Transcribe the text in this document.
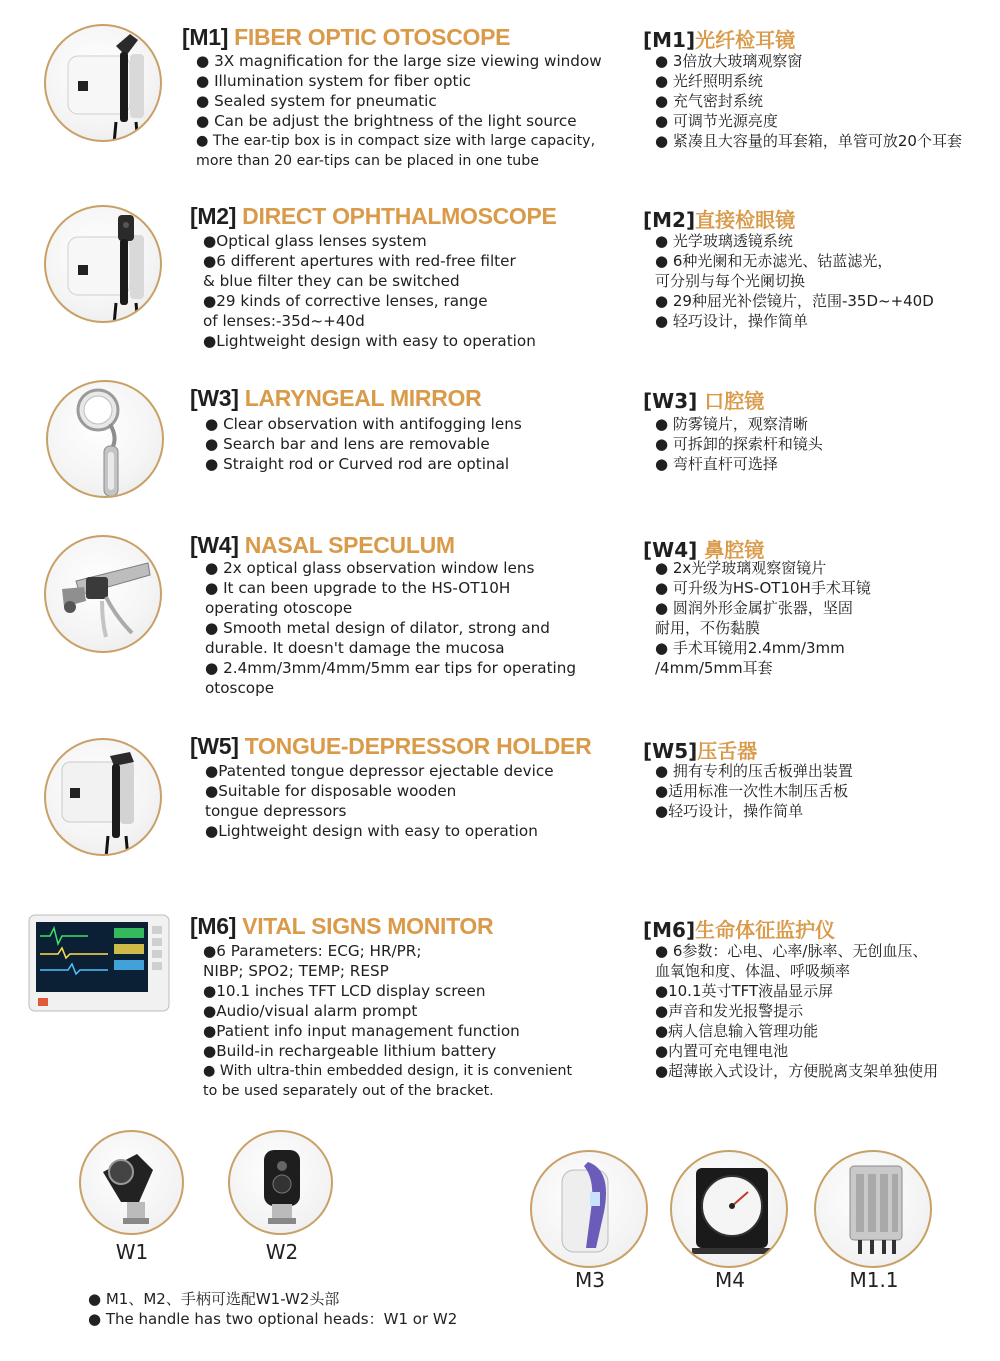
[M1] FIBER OPTIC OTOSCOPE
● 3X magnification for the large size viewing window
● Illumination system for fiber optic
● Sealed system for pneumatic
● Can be adjust the brightness of the light source
● The ear-tip box is in compact size with large capacity,
more than 20 ear-tips can be placed in one tube
[M1]光纤检耳镜
● 3倍放大玻璃观察窗
● 光纤照明系统
● 充气密封系统
● 可调节光源亮度
● 紧凑且大容量的耳套箱，单管可放20个耳套
[M2] DIRECT OPHTHALMOSCOPE
●Optical glass lenses system
●6 different apertures with red-free filter
& blue filter they can be switched
●29 kinds of corrective lenses, range
of lenses:-35d~+40d
●Lightweight design with easy to operation
[M2]直接检眼镜
● 光学玻璃透镜系统
● 6种光阑和无赤滤光、钴蓝滤光，
可分别与每个光阑切换
● 29种屈光补偿镜片，范围-35D~+40D
● 轻巧设计，操作简单
[W3] LARYNGEAL MIRROR
● Clear observation with antifogging lens
● Search bar and lens are removable
● Straight rod or Curved rod are optinal
[W3] 口腔镜
● 防雾镜片，观察清晰
● 可拆卸的探索杆和镜头
● 弯杆直杆可选择
[W4] NASAL SPECULUM
● 2x optical glass observation window lens
● It can been upgrade to the HS-OT10H
operating otoscope
● Smooth metal design of dilator, strong and
durable. It doesn't damage the mucosa
● 2.4mm/3mm/4mm/5mm ear tips for operating
otoscope
[W4] 鼻腔镜
● 2x光学玻璃观察窗镜片
● 可升级为HS-OT10H手术耳镜
● 圆润外形金属扩张器，坚固
耐用，不伤黏膜
● 手术耳镜用2.4mm/3mm
/4mm/5mm耳套
[W5] TONGUE-DEPRESSOR HOLDER
●Patented tongue depressor ejectable device
●Suitable for disposable wooden
tongue depressors
●Lightweight design with easy to operation
[W5]压舌器
● 拥有专利的压舌板弹出装置
●适用标准一次性木制压舌板
●轻巧设计，操作简单
[M6] VITAL SIGNS MONITOR
●6 Parameters: ECG; HR/PR;
NIBP; SPO2; TEMP; RESP
●10.1 inches TFT LCD display screen
●Audio/visual alarm prompt
●Patient info input management function
●Build-in rechargeable lithium battery
● With ultra-thin embedded design, it is convenient
to be used separately out of the bracket.
[M6]生命体征监护仪
● 6参数：心电、心率/脉率、无创血压、
血氧饱和度、体温、呼吸频率
●10.1英寸TFT液晶显示屏
●声音和发光报警提示
●病人信息输入管理功能
●内置可充电锂电池
●超薄嵌入式设计，方便脱离支架单独使用
W1	W2
M3	M4	M1.1
● M1、M2、手柄可选配W1-W2头部
● The handle has two optional heads：W1 or W2
